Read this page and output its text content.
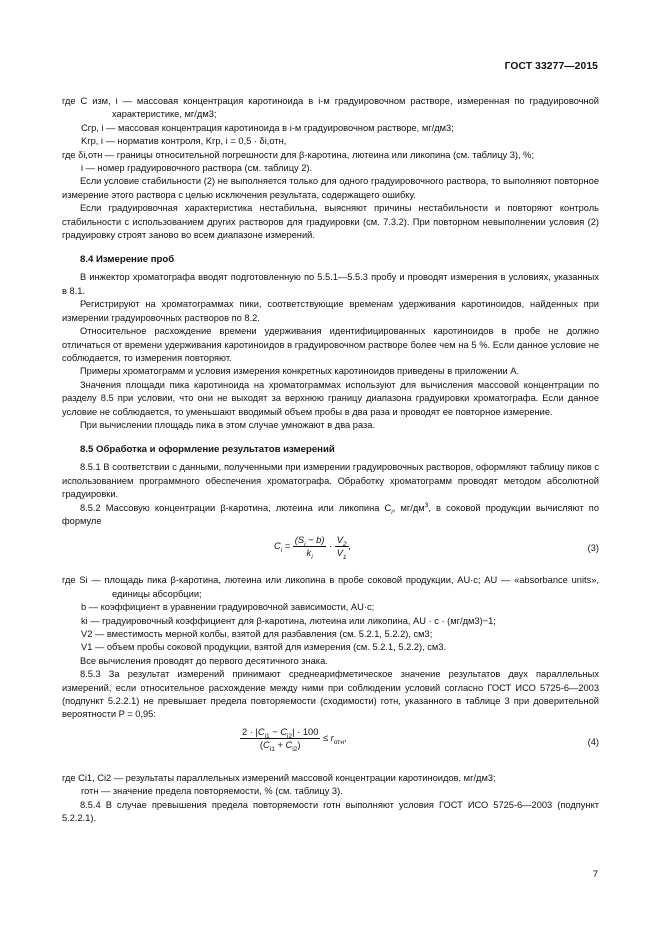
ГОСТ 33277—2015

где C изм, i — массовая концентрация каротиноида в i-м градуировочном растворе, измеренная по градуировочной характеристике, мг/дм3;

Cгр, i — массовая концентрация каротиноида в i-м градуировочном растворе, мг/дм3;

Kгр, i — норматив контроля, Kгр, i = 0,5 · δi,отн,

где δi,отн — границы относительной погрешности для β-каротина, лютеина или ликопина (см. таблицу 3), %;

i — номер градуировочного раствора (см. таблицу 2).

Если условие стабильности (2) не выполняется только для одного градуировочного раствора, то выполняют повторное измерение этого раствора с целью исключения результата, содержащего ошибку.

Если градуировочная характеристика нестабильна, выясняют причины нестабильности и повторяют контроль стабильности с использованием других растворов для градуировки (см. 7.3.2). При повторном невыполнении условия (2) градуировку строят заново во всем диапазоне измерений.

8.4 Измерение проб

В инжектор хроматографа вводят подготовленную по 5.5.1—5.5.3 пробу и проводят измерения в условиях, указанных в 8.1.

Регистрируют на хроматограммах пики, соответствующие временам удерживания каротиноидов, найденных при измерении градуировочных растворов по 8.2.

Относительное расхождение времени удерживания идентифицированных каротиноидов в пробе не должно отличаться от времени удерживания каротиноидов в градуировочном растворе более чем на 5 %. Если данное условие не соблюдается, то измерения повторяют.

Примеры хроматограмм и условия измерения конкретных каротиноидов приведены в приложении А.

Значения площади пика каротиноида на хроматограммах используют для вычисления массовой концентрации по разделу 8.5 при условии, что они не выходят за верхнюю границу диапазона градуировки хроматографа. Если данное условие не соблюдается, то уменьшают вводимый объем пробы в два раза и проводят ее повторное измерение.

При вычислении площадь пика в этом случае умножают в два раза.

8.5 Обработка и оформление результатов измерений

8.5.1 В соответствии с данными, полученными при измерении градуировочных растворов, оформляют таблицу пиков с использованием программного обеспечения хроматографа. Обработку хроматограмм проводят методом абсолютной градуировки.

8.5.2 Массовую концентрации β-каротина, лютеина или ликопина $C_i$, $мг/дм^3$, в соковой продукции вычисляют по формуле

$C_i = \frac{(S_i - b)}{k_i} \cdot \frac{V_2}{V_1}$ ,	(3)

где Si — площадь пика β-каротина, лютеина или ликопина в пробе соковой продукции, AU·с; AU — «absorbance units», единицы абсорбции;

b — коэффициент в уравнении градуировочной зависимости, AU·с;

ki — градуировочный коэффициент для β-каротина, лютеина или ликопина, AU · с · (мг/дм3)−1;

V2 — вместимость мерной колбы, взятой для разбавления (см. 5.2.1, 5.2.2), см3;

V1 — объем пробы соковой продукции, взятой для измерения (см. 5.2.1, 5.2.2), см3.

Все вычисления проводят до первого десятичного знака.

8.5.3 За результат измерений принимают среднеарифметическое значение результатов двух параллельных измерений, если относительное расхождение между ними при соблюдении условий согласно ГОСТ ИСО 5725-6—2003 (подпункт 5.2.2.1) не превышает предела повторяемости (сходимости) rотн, указанного в таблице 3 при доверительной вероятности P = 0,95:

$\frac{2 \cdot |C_{i1} - C_{i2}| \cdot 100}{(C_{i1} + C_{i2})} \le r_{отн}$,	(4)

где Ci1, Ci2 — результаты параллельных измерений массовой концентрации каротиноидов, мг/дм3;

rотн — значение предела повторяемости, % (см. таблицу 3).

8.5.4 В случае превышения предела повторяемости rотн выполняют условия ГОСТ ИСО 5725-6—2003 (подпункт 5.2.2.1).

7
